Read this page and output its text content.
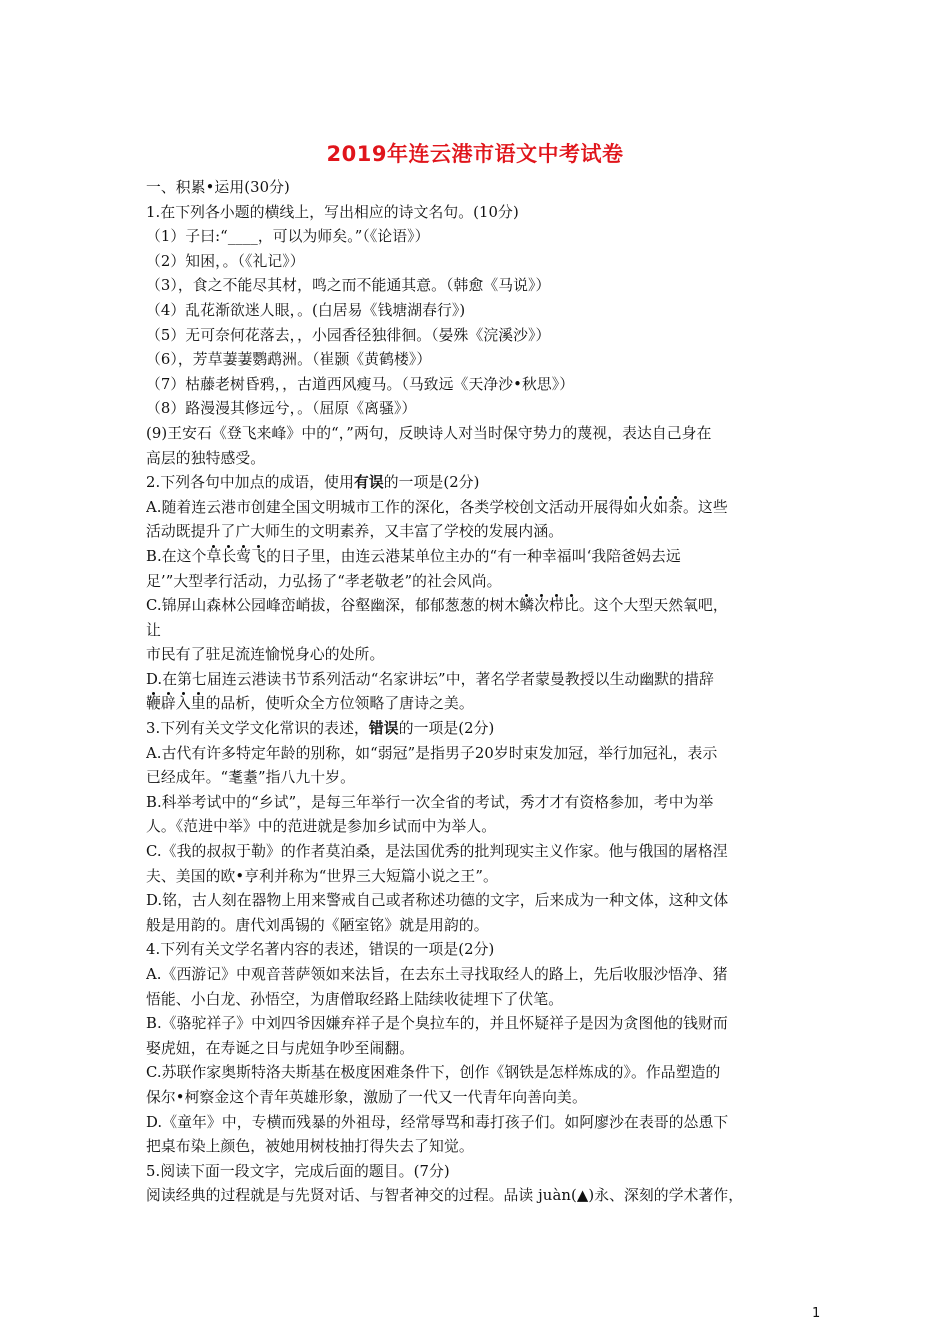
2019年连云港市语文中考试卷
一、积累•运用(30分)
1.在下列各小题的横线上，写出相应的诗文名句。(10分)
（1）子曰:“____，可以为师矣。”（《论语》）
（2）知困，。（《礼记》）
（3），食之不能尽其材，鸣之而不能通其意。（韩愈《马说》）
（4）乱花渐欲迷人眼，。(白居易《钱塘湖春行》)
（5）无可奈何花落去，，小园香径独徘徊。（晏殊《浣溪沙》）
（6），芳草萋萋鹦鹉洲。（崔颢《黄鹤楼》）
（7）枯藤老树昏鸦，，古道西风瘦马。（马致远《天净沙•秋思》）
（8）路漫漫其修远兮，。（屈原《离骚》）
(9)王安石《登飞来峰》中的“，”两句，反映诗人对当时保守势力的蔑视，表达自己身在
高层的独特感受。
2.下列各句中加点的成语，使用有误的一项是(2分)
A.随着连云港市创建全国文明城市工作的深化，各类学校创文活动开展得如火如荼。这些
活动既提升了广大师生的文明素养，又丰富了学校的发展内涵。
B.在这个草长莺飞的日子里，由连云港某单位主办的“有一种幸福叫‘我陪爸妈去远
足’”大型孝行活动，力弘扬了“孝老敬老”的社会风尚。
C.锦屏山森林公园峰峦峭拔，谷壑幽深，郁郁葱葱的树木鳞次栉比。这个大型天然氧吧，
让
市民有了驻足流连愉悦身心的处所。
D.在第七届连云港读书节系列活动“名家讲坛”中，著名学者蒙曼教授以生动幽默的措辞
鞭辟入里的品析，使听众全方位领略了唐诗之美。
3.下列有关文学文化常识的表述，错误的一项是(2分)
A.古代有许多特定年龄的别称，如“弱冠”是指男子20岁时束发加冠，举行加冠礼，表示
已经成年。“耄耋”指八九十岁。
B.科举考试中的“乡试”，是每三年举行一次全省的考试，秀才才有资格参加，考中为举
人。《范进中举》中的范进就是参加乡试而中为举人。
C.《我的叔叔于勒》的作者莫泊桑，是法国优秀的批判现实主义作家。他与俄国的屠格涅
夫、美国的欧•亨利并称为“世界三大短篇小说之王”。
D.铭，古人刻在器物上用来警戒自己或者称述功德的文字，后来成为一种文体，这种文体
般是用韵的。唐代刘禹锡的《陋室铭》就是用韵的。
4.下列有关文学名著内容的表述，错误的一项是(2分)
A.《西游记》中观音菩萨领如来法旨，在去东土寻找取经人的路上，先后收服沙悟净、猪
悟能、小白龙、孙悟空，为唐僧取经路上陆续收徒埋下了伏笔。
B.《骆驼祥子》中刘四爷因嫌弃祥子是个臭拉车的，并且怀疑祥子是因为贪图他的钱财而
娶虎妞，在寿诞之日与虎妞争吵至闹翻。
C.苏联作家奥斯特洛夫斯基在极度困难条件下，创作《钢铁是怎样炼成的》。作品塑造的
保尔•柯察金这个青年英雄形象，激励了一代又一代青年向善向美。
D.《童年》中，专横而残暴的外祖母，经常辱骂和毒打孩子们。如阿廖沙在表哥的怂恿下
把桌布染上颜色，被她用树枝抽打得失去了知觉。
5.阅读下面一段文字，完成后面的题目。(7分)
阅读经典的过程就是与先贤对话、与智者神交的过程。品读 juàn(▲)永、深刻的学术著作，
1
